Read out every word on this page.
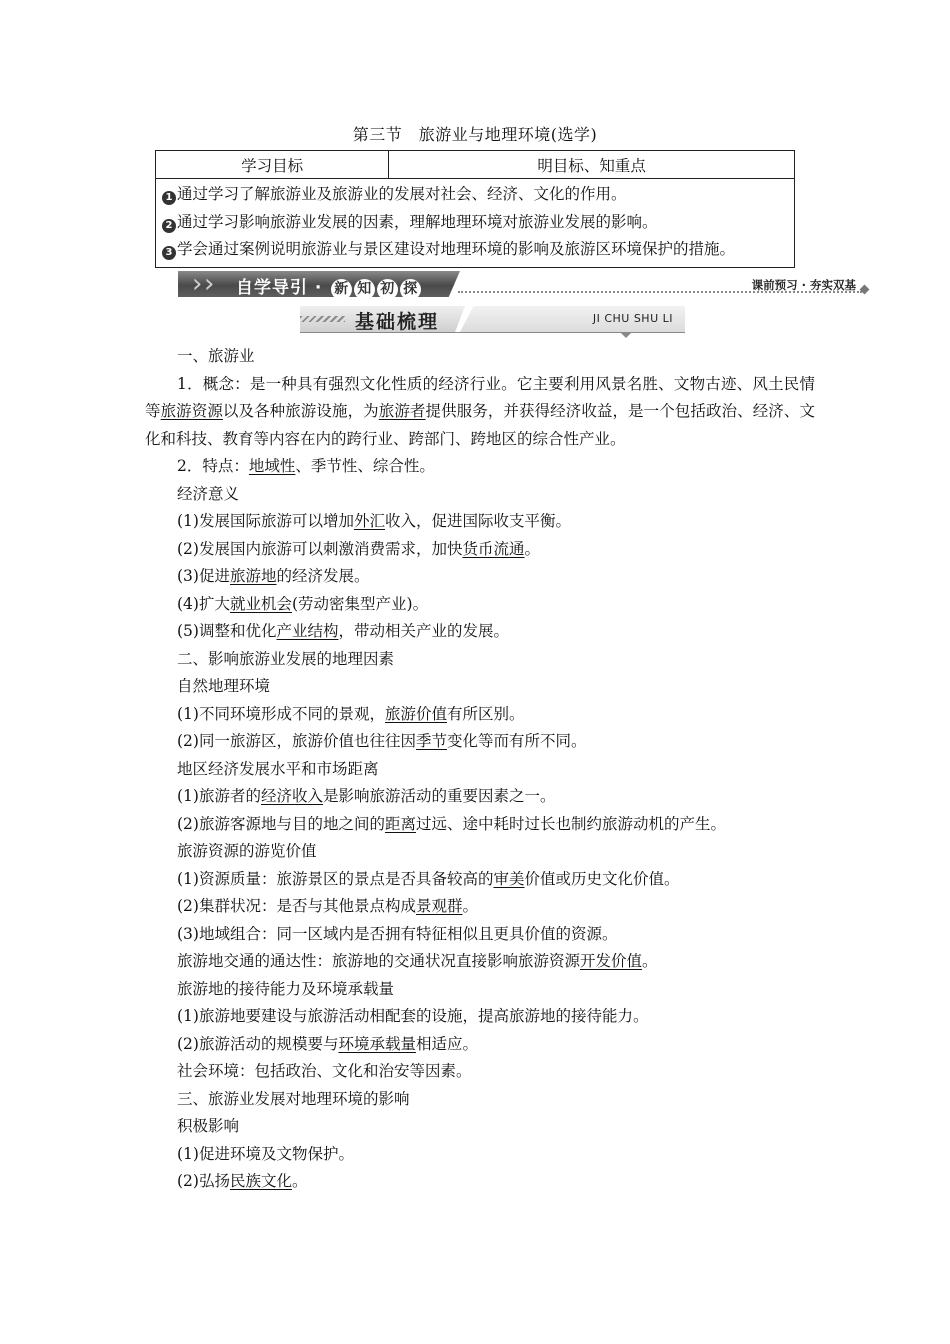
第三节　旅游业与地理环境(选学)
学习目标	明目标、知重点

1 通过学习了解旅游业及旅游业的发展对社会、经济、文化的作用。
2 通过学习影响旅游业发展的因素，理解地理环境对旅游业发展的影响。
3 学会通过案例说明旅游业与景区建设对地理环境的影响及旅游区环境保护的措施。
› › 自学导引 · 新 知 初 探	课前预习 · 夯实双基
基础梳理	JI CHU SHU LI
一、旅游业
1．概念：是一种具有强烈文化性质的经济行业。它主要利用风景名胜、文物古迹、风土民情等旅游资源以及各种旅游设施，为旅游者提供服务，并获得经济收益，是一个包括政治、经济、文化和科技、教育等内容在内的跨行业、跨部门、跨地区的综合性产业。
2．特点：地域性、季节性、综合性。
经济意义
(1)发展国际旅游可以增加外汇收入，促进国际收支平衡。
(2)发展国内旅游可以刺激消费需求，加快货币流通。
(3)促进旅游地的经济发展。
(4)扩大就业机会(劳动密集型产业)。
(5)调整和优化产业结构，带动相关产业的发展。
二、影响旅游业发展的地理因素
自然地理环境
(1)不同环境形成不同的景观，旅游价值有所区别。
(2)同一旅游区，旅游价值也往往因季节变化等而有所不同。
地区经济发展水平和市场距离
(1)旅游者的经济收入是影响旅游活动的重要因素之一。
(2)旅游客源地与目的地之间的距离过远、途中耗时过长也制约旅游动机的产生。
旅游资源的游览价值
(1)资源质量：旅游景区的景点是否具备较高的审美价值或历史文化价值。
(2)集群状况：是否与其他景点构成景观群。
(3)地域组合：同一区域内是否拥有特征相似且更具价值的资源。
旅游地交通的通达性：旅游地的交通状况直接影响旅游资源开发价值。
旅游地的接待能力及环境承载量
(1)旅游地要建设与旅游活动相配套的设施，提高旅游地的接待能力。
(2)旅游活动的规模要与环境承载量相适应。
社会环境：包括政治、文化和治安等因素。
三、旅游业发展对地理环境的影响
积极影响
(1)促进环境及文物保护。
(2)弘扬民族文化。
